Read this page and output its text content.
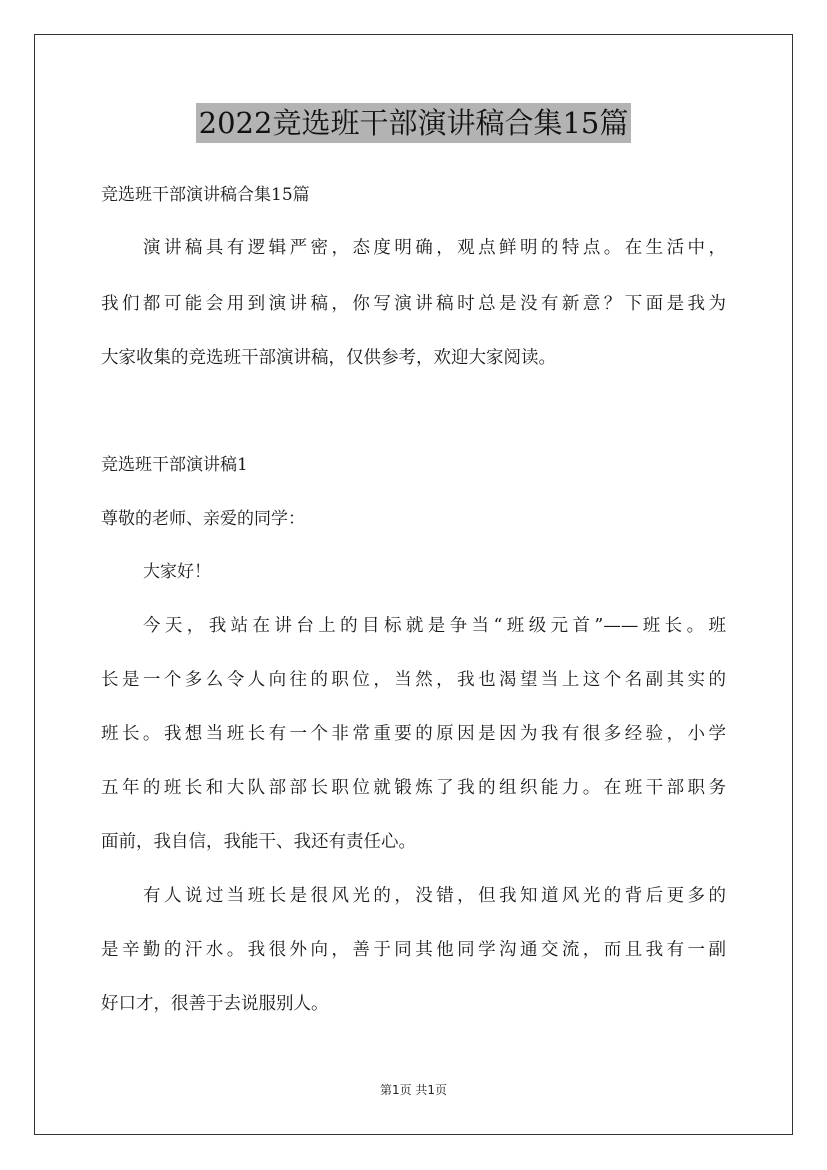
2022竞选班干部演讲稿合集15篇
竞选班干部演讲稿合集15篇
演讲稿具有逻辑严密，态度明确，观点鲜明的特点。在生活中，
我们都可能会用到演讲稿，你写演讲稿时总是没有新意？下面是我为
大家收集的竞选班干部演讲稿，仅供参考，欢迎大家阅读。
竞选班干部演讲稿1
尊敬的老师、亲爱的同学：
大家好！
今天，我站在讲台上的目标就是争当“班级元首”——班长。班
长是一个多么令人向往的职位，当然，我也渴望当上这个名副其实的
班长。我想当班长有一个非常重要的原因是因为我有很多经验，小学
五年的班长和大队部部长职位就锻炼了我的组织能力。在班干部职务
面前，我自信，我能干、我还有责任心。
有人说过当班长是很风光的，没错，但我知道风光的背后更多的
是辛勤的汗水。我很外向，善于同其他同学沟通交流，而且我有一副
好口才，很善于去说服别人。
第1页 共1页
